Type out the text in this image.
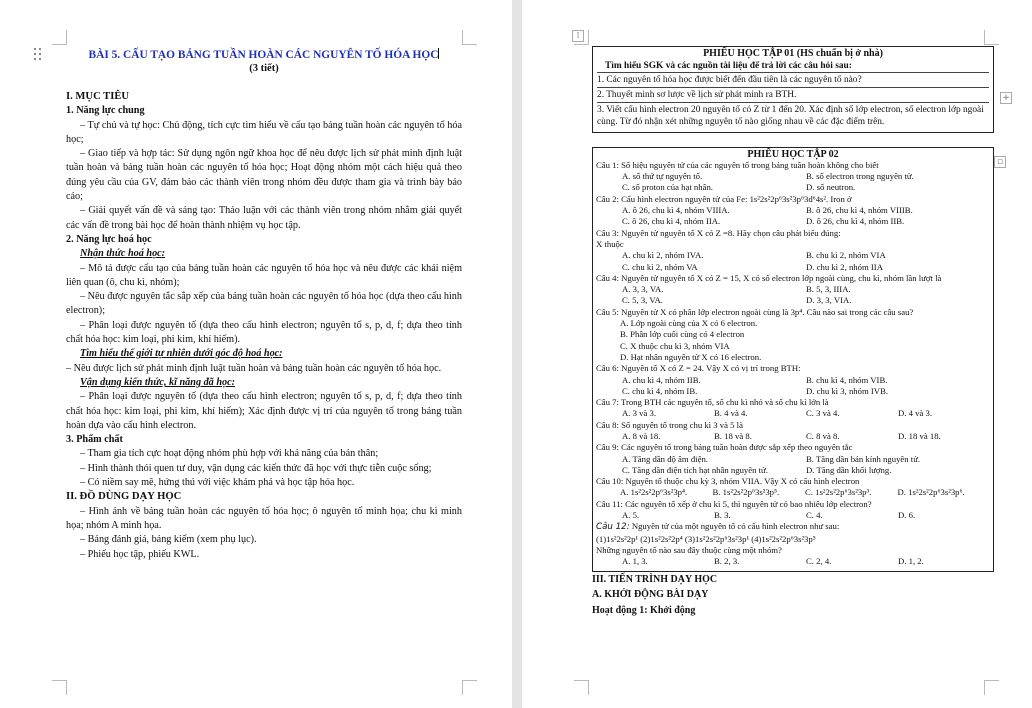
BÀI 5. CẤU TẠO BẢNG TUẦN HOÀN CÁC NGUYÊN TỐ HÓA HỌC
(3 tiết)
I. MỤC TIÊU
1. Năng lực chung
– Tự chủ và tự học: Chủ động, tích cực tìm hiểu về cấu tạo bảng tuần hoàn các nguyên tố hóa học;
– Giao tiếp và hợp tác: Sử dụng ngôn ngữ khoa học để nêu được lịch sử phát minh định luật tuần hoàn và bảng tuần hoàn các nguyên tố hóa học; Hoạt động nhóm một cách hiệu quả theo đúng yêu cầu của GV, đảm bảo các thành viên trong nhóm đều được tham gia và trình bày báo cáo;
– Giải quyết vấn đề và sáng tạo: Thảo luận với các thành viên trong nhóm nhằm giải quyết các vấn đề trong bài học để hoàn thành nhiệm vụ học tập.
2. Năng lực hoá học
Nhận thức hoá học:
– Mô tả được cấu tạo của bảng tuần hoàn các nguyên tố hóa học và nêu được các khái niệm liên quan (ô, chu kì, nhóm);
– Nêu được nguyên tắc sắp xếp của bảng tuần hoàn các nguyên tố hóa học (dựa theo cấu hình electron);
– Phân loại được nguyên tố (dựa theo cấu hình electron; nguyên tố s, p, d, f; dựa theo tính chất hóa học: kim loại, phi kim, khí hiếm).
Tìm hiểu thế giới tự nhiên dưới góc độ hoá học:
– Nêu được lịch sử phát minh định luật tuần hoàn và bảng tuần hoàn các nguyên tố hóa học.
Vận dụng kiến thức, kĩ năng đã học:
– Phân loại được nguyên tố (dựa theo cấu hình electron; nguyên tố s, p, d, f; dựa theo tính chất hóa học: kim loại, phi kim, khí hiếm); Xác định được vị trí của nguyên tố trong bảng tuần hoàn dựa vào cấu hình electron.
3. Phẩm chất
– Tham gia tích cực hoạt động nhóm phù hợp với khả năng của bản thân;
– Hình thành thói quen tư duy, vận dụng các kiến thức đã học với thực tiễn cuộc sống;
– Có niềm say mê, hứng thú với việc khám phá và học tập hóa học.
II. ĐỒ DÙNG DẠY HỌC
– Hình ảnh về bảng tuần hoàn các nguyên tố hóa học; ô nguyên tố minh họa; chu kì minh họa; nhóm A minh họa.
– Bảng đánh giá, bảng kiểm (xem phụ lục).
– Phiếu học tập, phiếu KWL.
⁞
+
▫
PHIẾU HỌC TẬP 01 (HS chuẩn bị ở nhà)
Tìm hiểu SGK và các nguồn tài liệu để trả lời các câu hỏi sau:
1. Các nguyên tố hóa học được biết đến đầu tiên là các nguyên tố nào?
2. Thuyết minh sơ lược về lịch sử phát minh ra BTH.
3. Viết cấu hình electron 20 nguyên tố có Z từ 1 đến 20. Xác định số lớp electron, số electron lớp ngoài cùng. Từ đó nhận xét những nguyên tố nào giống nhau về các đặc điểm trên.
PHIẾU HỌC TẬP 02
Câu 1: Số hiệu nguyên tử của các nguyên tố trong bảng tuần hoàn không cho biết
A. số thứ tự nguyên tố.	B. số electron trong nguyên tử.
C. số proton của hạt nhân.	D. số neutron.
Câu 2: Cấu hình electron nguyên tử của Fe: 1s²2s²2p⁶3s²3p⁶3d⁶4s². Iron ở
A. ô 26, chu kì 4, nhóm VIIIA.	B. ô 26, chu kì 4, nhóm VIIIB.
C. ô 26, chu kì 4, nhóm IIA.	D. ô 26, chu kì 4, nhóm IIB.
Câu 3: Nguyên tử nguyên tố X có Z =8. Hãy chọn câu phát biểu đúng:
X thuộc
A. chu kì 2, nhóm IVA.	B. chu kì 2, nhóm VIA
C. chu kì 2, nhóm VA	D. chu kì 2, nhóm IIA
Câu 4: Nguyên tử nguyên tố X có Z = 15, X có số electron lớp ngoài cùng, chu kì, nhóm lần lượt là
A. 3, 3, VA.	B. 5, 3, IIIA.
C. 5, 3, VA.	D. 3, 3, VIA.
Câu 5: Nguyên tử X có phân lớp electron ngoài cùng là 3p⁴. Câu nào sai trong các câu sau?
A. Lớp ngoài cùng của X có 6 electron.
B. Phân lớp cuối cùng có 4 electron
C. X thuộc chu kì 3, nhóm VIA
D. Hạt nhân nguyên tử X có 16 electron.
Câu 6: Nguyên tố X có Z = 24. Vậy X có vị trí trong BTH:
A. chu kì 4, nhóm IIB.	B. chu kì 4, nhóm VIB.
C. chu kì 4, nhóm IB.	D. chu kì 3, nhóm IVB.
Câu 7: Trong BTH các nguyên tố, số chu kì nhỏ và số chu kì lớn là
A. 3 và 3.	B. 4 và 4.	C. 3 và 4.	D. 4 và 3.
Câu 8: Số nguyên tố trong chu kì 3 và 5 là
A. 8 và 18.	B. 18 và 8.	C. 8 và 8.	D. 18 và 18.
Câu 9: Các nguyên tố trong bảng tuần hoàn được sắp xếp theo nguyên tắc
A. Tăng dần độ âm điện.	B. Tăng dần bán kính nguyên tử.
C. Tăng dần điện tích hạt nhân nguyên tử.	D. Tăng dần khối lượng.
Câu 10: Nguyên tố thuộc chu kỳ 3, nhóm VIIA. Vậy X có cấu hình electron
A. 1s²2s²2p⁶3s²3p⁴.	B. 1s²2s²2p⁶3s²3p⁵.	C. 1s²2s²2p⁶3s²3p³.	D. 1s²2s²2p⁶3s²3p⁶.
Câu 11: Các nguyên tố xếp ở chu kì 5, thì nguyên tử có bao nhiêu lớp electron?
A. 5.	B. 3.	C. 4.	D. 6.
Câu 12: Nguyên tử của một nguyên tố có cấu hình electron như sau:
(1)1s²2s²2p¹ (2)1s²2s²2p⁴ (3)1s²2s²2p⁶3s²3p¹ (4)1s²2s²2p⁶3s²3p⁵
Những nguyên tố nào sau đây thuộc cùng một nhóm?
A. 1, 3.	B. 2, 3.	C. 2, 4.	D. 1, 2.
III. TIẾN TRÌNH DẠY HỌC
A. KHỞI ĐỘNG BÀI DẠY
Hoạt động 1: Khởi động
